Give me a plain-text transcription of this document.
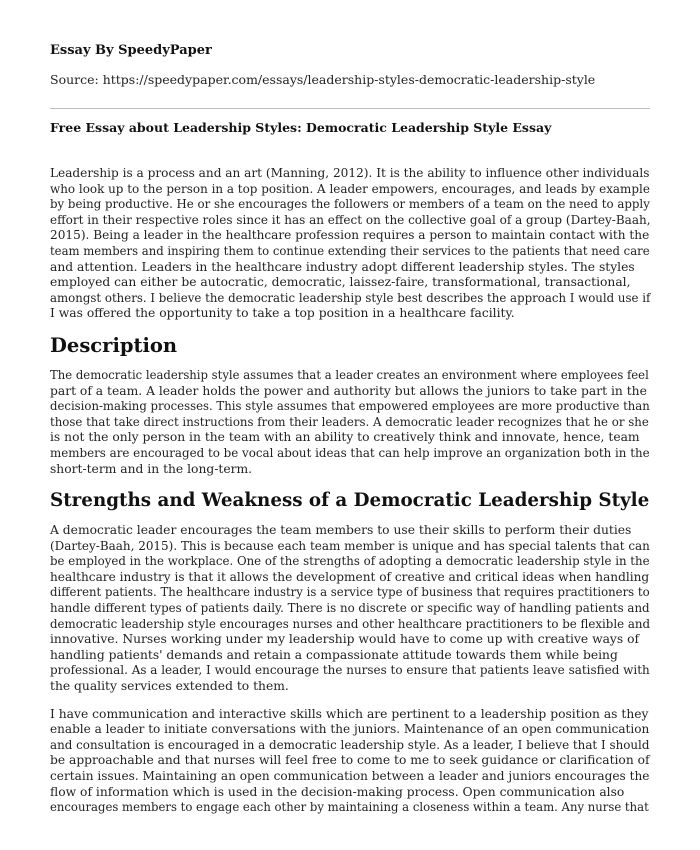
Essay By SpeedyPaper
Source: https://speedypaper.com/essays/leadership-styles-democratic-leadership-style
Free Essay about Leadership Styles: Democratic Leadership Style Essay

Leadership is a process and an art (Manning, 2012). It is the ability to influence other individuals
who look up to the person in a top position. A leader empowers, encourages, and leads by example
by being productive. He or she encourages the followers or members of a team on the need to apply
effort in their respective roles since it has an effect on the collective goal of a group (Dartey-Baah,
2015). Being a leader in the healthcare profession requires a person to maintain contact with the
team members and inspiring them to continue extending their services to the patients that need care
and attention. Leaders in the healthcare industry adopt different leadership styles. The styles
employed can either be autocratic, democratic, laissez-faire, transformational, transactional,
amongst others. I believe the democratic leadership style best describes the approach I would use if
I was offered the opportunity to take a top position in a healthcare facility.

Description

The democratic leadership style assumes that a leader creates an environment where employees feel
part of a team. A leader holds the power and authority but allows the juniors to take part in the
decision-making processes. This style assumes that empowered employees are more productive than
those that take direct instructions from their leaders. A democratic leader recognizes that he or she
is not the only person in the team with an ability to creatively think and innovate, hence, team
members are encouraged to be vocal about ideas that can help improve an organization both in the
short-term and in the long-term.

Strengths and Weakness of a Democratic Leadership Style

A democratic leader encourages the team members to use their skills to perform their duties
(Dartey-Baah, 2015). This is because each team member is unique and has special talents that can
be employed in the workplace. One of the strengths of adopting a democratic leadership style in the
healthcare industry is that it allows the development of creative and critical ideas when handling
different patients. The healthcare industry is a service type of business that requires practitioners to
handle different types of patients daily. There is no discrete or specific way of handling patients and
democratic leadership style encourages nurses and other healthcare practitioners to be flexible and
innovative. Nurses working under my leadership would have to come up with creative ways of
handling patients' demands and retain a compassionate attitude towards them while being
professional. As a leader, I would encourage the nurses to ensure that patients leave satisfied with
the quality services extended to them.

I have communication and interactive skills which are pertinent to a leadership position as they
enable a leader to initiate conversations with the juniors. Maintenance of an open communication
and consultation is encouraged in a democratic leadership style. As a leader, I believe that I should
be approachable and that nurses will feel free to come to me to seek guidance or clarification of
certain issues. Maintaining an open communication between a leader and juniors encourages the
flow of information which is used in the decision-making process. Open communication also
encourages members to engage each other by maintaining a closeness within a team. Any nurse that
